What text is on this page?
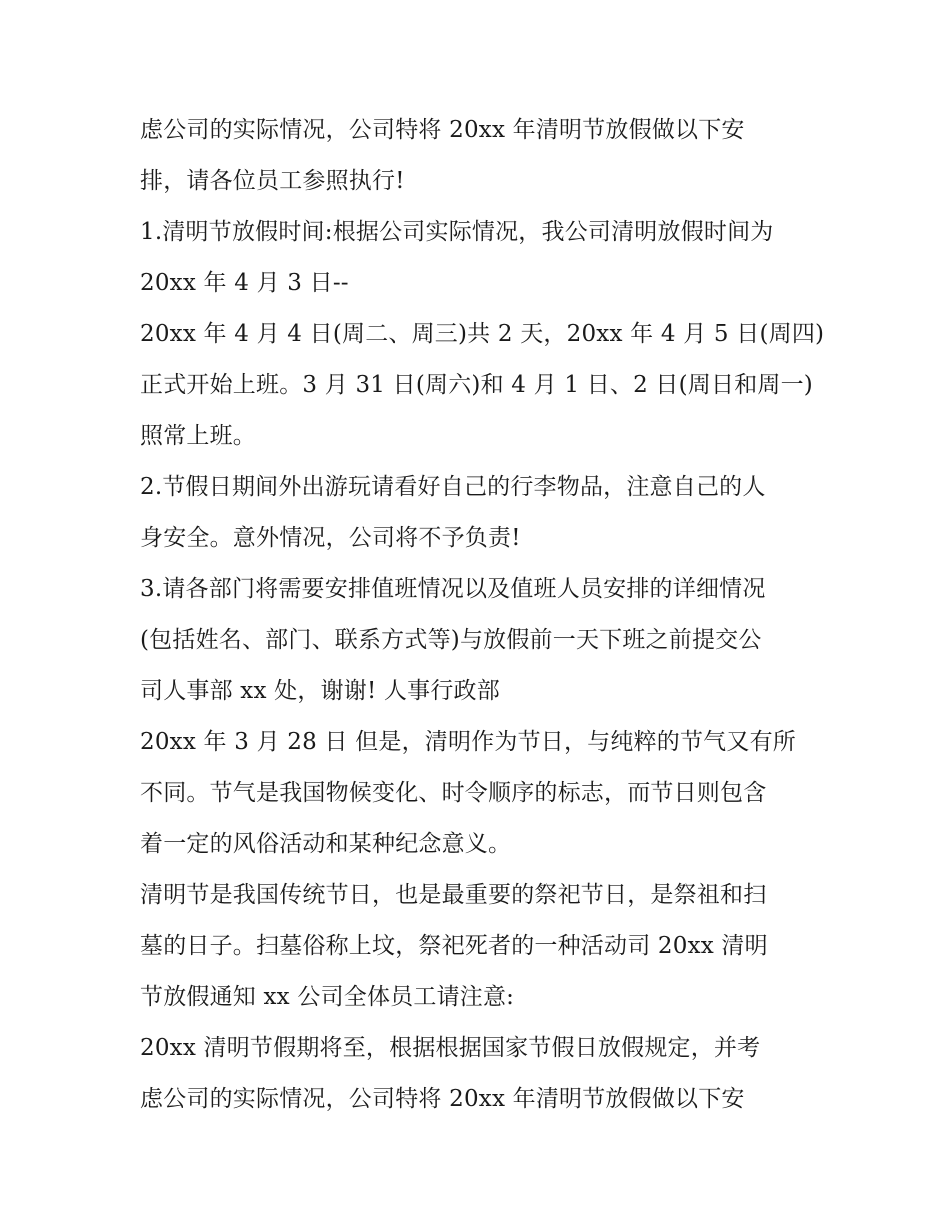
虑公司的实际情况，公司特将 20xx 年清明节放假做以下安
排，请各位员工参照执行!
1.清明节放假时间:根据公司实际情况，我公司清明放假时间为
20xx 年 4 月 3 日--
20xx 年 4 月 4 日(周二、周三)共 2 天，20xx 年 4 月 5 日(周四)
正式开始上班。3 月 31 日(周六)和 4 月 1 日、2 日(周日和周一)
照常上班。
2.节假日期间外出游玩请看好自己的行李物品，注意自己的人
身安全。意外情况，公司将不予负责!
3.请各部门将需要安排值班情况以及值班人员安排的详细情况
(包括姓名、部门、联系方式等)与放假前一天下班之前提交公
司人事部 xx 处，谢谢! 人事行政部
20xx 年 3 月 28 日 但是，清明作为节日，与纯粹的节气又有所
不同。节气是我国物候变化、时令顺序的标志，而节日则包含
着一定的风俗活动和某种纪念意义。
清明节是我国传统节日，也是最重要的祭祀节日，是祭祖和扫
墓的日子。扫墓俗称上坟，祭祀死者的一种活动司 20xx 清明
节放假通知 xx 公司全体员工请注意:
20xx 清明节假期将至，根据根据国家节假日放假规定，并考
虑公司的实际情况，公司特将 20xx 年清明节放假做以下安
